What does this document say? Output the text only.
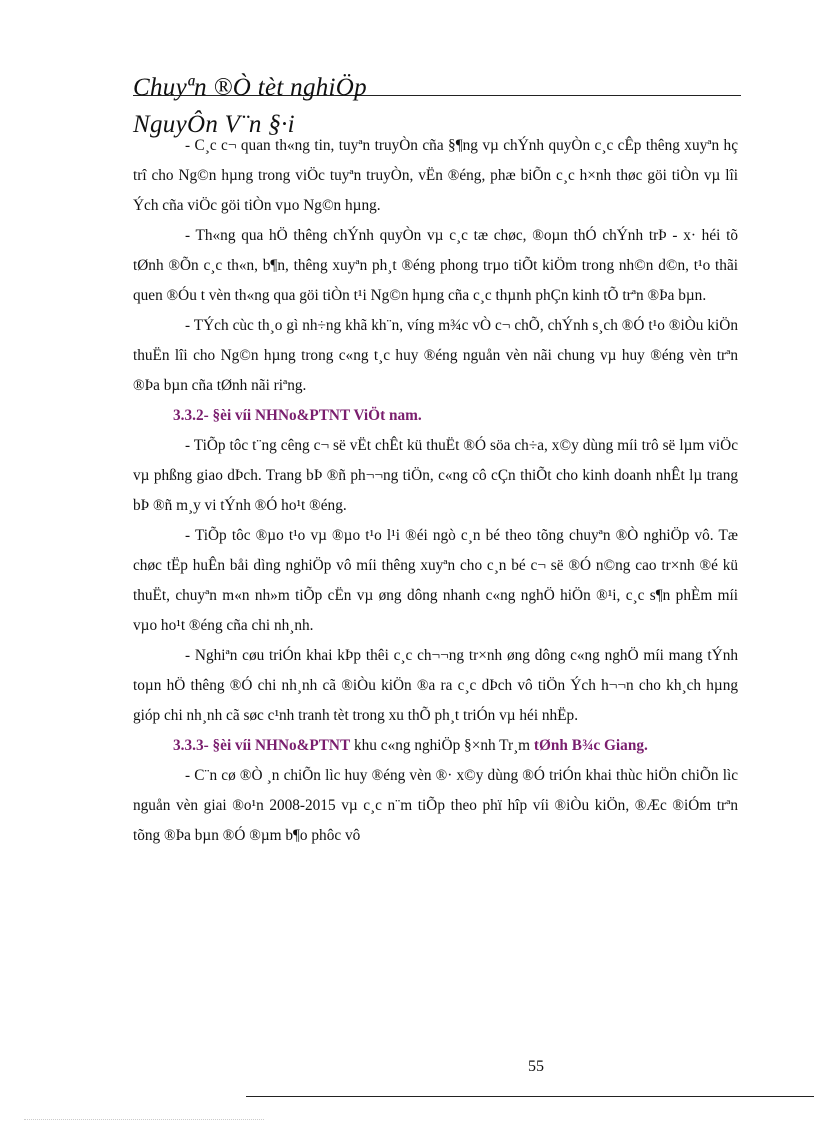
Chuyªn ®Ò tèt nghiÖp
NguyÔn V¨n §·i

- C¸c c¬ quan th«ng tin, tuyªn truyÒn cña §¶ng vµ chÝnh quyÒn c¸c cÊp thêng xuyªn hç trî cho Ng©n hµng trong viÖc tuyªn truyÒn, vËn ®éng, phæ biÕn c¸c h×nh thøc göi tiÒn vµ lîi Ých cña viÖc göi tiÒn vµo Ng©n hµng.

- Th«ng qua hÖ thêng chÝnh quyÒn vµ c¸c tæ chøc, ®oµn thÓ chÝnh trÞ - x· héi tõ tØnh ®Õn c¸c th«n, b¶n, thêng xuyªn ph¸t ®éng phong trµo tiÕt kiÖm trong nh©n d©n, t¹o thãi quen ®Óu t vèn th«ng qua göi tiÒn t¹i Ng©n hµng cña c¸c thµnh phÇn kinh tÕ trªn ®Þa bµn.

- TÝch cùc th¸o gì nh÷ng khã kh¨n, víng m¾c vÒ c¬ chÕ, chÝnh s¸ch ®Ó t¹o ®iÒu kiÖn thuËn lîi cho Ng©n hµng trong c«ng t¸c huy ®éng nguån vèn nãi chung vµ huy ®éng vèn trªn ®Þa bµn cña tØnh nãi riªng.

3.3.2- §èi víi NHNo&PTNT ViÖt nam.

- TiÕp tôc t¨ng cêng c¬ së vËt chÊt kü thuËt ®Ó söa ch÷a, x©y dùng míi trô së lµm viÖc vµ phßng giao dÞch. Trang bÞ ®ñ ph¬¬ng tiÖn, c«ng cô cÇn thiÕt cho kinh doanh nhÊt lµ trang bÞ ®ñ m¸y vi tÝnh ®Ó ho¹t ®éng.

- TiÕp tôc ®µo t¹o vµ ®µo t¹o l¹i ®éi ngò c¸n bé theo tõng chuyªn ®Ò nghiÖp vô. Tæ chøc tËp huÊn båi dìng nghiÖp vô míi thêng xuyªn cho c¸n bé c¬ së ®Ó n©ng cao tr×nh ®é kü thuËt, chuyªn m«n nh»m tiÕp cËn vµ øng dông nhanh c«ng nghÖ hiÖn ®¹i, c¸c s¶n phÈm míi vµo ho¹t ®éng cña chi nh¸nh.

- Nghiªn cøu triÓn khai kÞp thêi c¸c ch¬¬ng tr×nh øng dông c«ng nghÖ míi mang tÝnh toµn hÖ thêng ®Ó chi nh¸nh cã ®iÒu kiÖn ®a ra c¸c dÞch vô tiÖn Ých h¬¬n cho kh¸ch hµng gióp chi nh¸nh cã søc c¹nh tranh tèt trong xu thÕ ph¸t triÓn vµ héi nhËp.

3.3.3- §èi víi NHNo&PTNT khu c«ng nghiÖp §×nh Tr¸m tØnh B¾c Giang.

- C¨n cø ®Ò ¸n chiÕn lìc huy ®éng vèn ®· x©y dùng ®Ó triÓn khai thùc hiÖn chiÕn lìc nguån vèn giai ®o¹n 2008-2015 vµ c¸c n¨m tiÕp theo phï hîp víi ®iÒu kiÖn, ®Æc ®iÓm trªn tõng ®Þa bµn ®Ó ®µm b¶o phôc vô

55
